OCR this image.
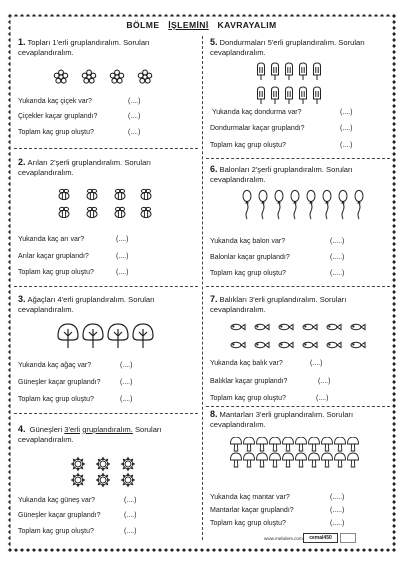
BÖLME İŞLEMİNİ KAVRAYALIM
1. Topları 1'erli gruplandıralım. Soruları cevaplandıralım.
Yukarıda kaç çiçek var?	(....)
Çiçekler kaçar gruplandı?	(....)
Toplam kaç grup oluştu?	(....)
2. Arıları 2'şerli gruplandıralım. Soruları cevaplandıralım.
Yukarıda kaç arı var?	(....)
Arılar kaçar gruplandı?	(....)
Toplam kaç grup oluştu?	(....)
3. Ağaçları 4'erli gruplandıralım. Soruları cevaplandıralım.
Yukarıda kaç ağaç var?	(....)
Güneşler kaçar gruplandı?	(....)
Toplam kaç grup oluştu?	(....)
4. Güneşleri 3'erli gruplandıralım. Soruları cevaplandıralım.
Yukarıda kaç güneş var?	(....)
Güneşler kaçar gruplandı?	(....)
Toplam kaç grup oluştu?	(....)
5. Dondurmaları 5'erli gruplandıralım. Soruları cevaplandıralım.
Yukarıda kaç dondurma var?	(....)
Dondurmalar kaçar gruplandı?	(....)
Toplam kaç grup oluştu?	(....)
6. Balonları 2'şerli gruplandıralım. Soruları cevaplandıralım.
Yukarıda kaç balon var?	(.....)
Balonlar kaçar gruplandı?	(.....)
Toplam kaç grup oluştu?	(.....)
7. Balıkları 3'erli gruplandıralım. Soruları cevaplandıralım.
Yukarıda kaç balık var?	(....)
Balıklar kaçar gruplandı?	(....)
Toplam kaç grup oluştu?	(....)
8. Mantarları 3'erli gruplandıralım. Soruları cevaplandıralım.
Yukarıda kaç mantar var?	(.....)
Mantarlar kaçar gruplandı?	(.....)
Toplam kaç grup oluştu?	(.....)
www.mebders.com	cemal450
